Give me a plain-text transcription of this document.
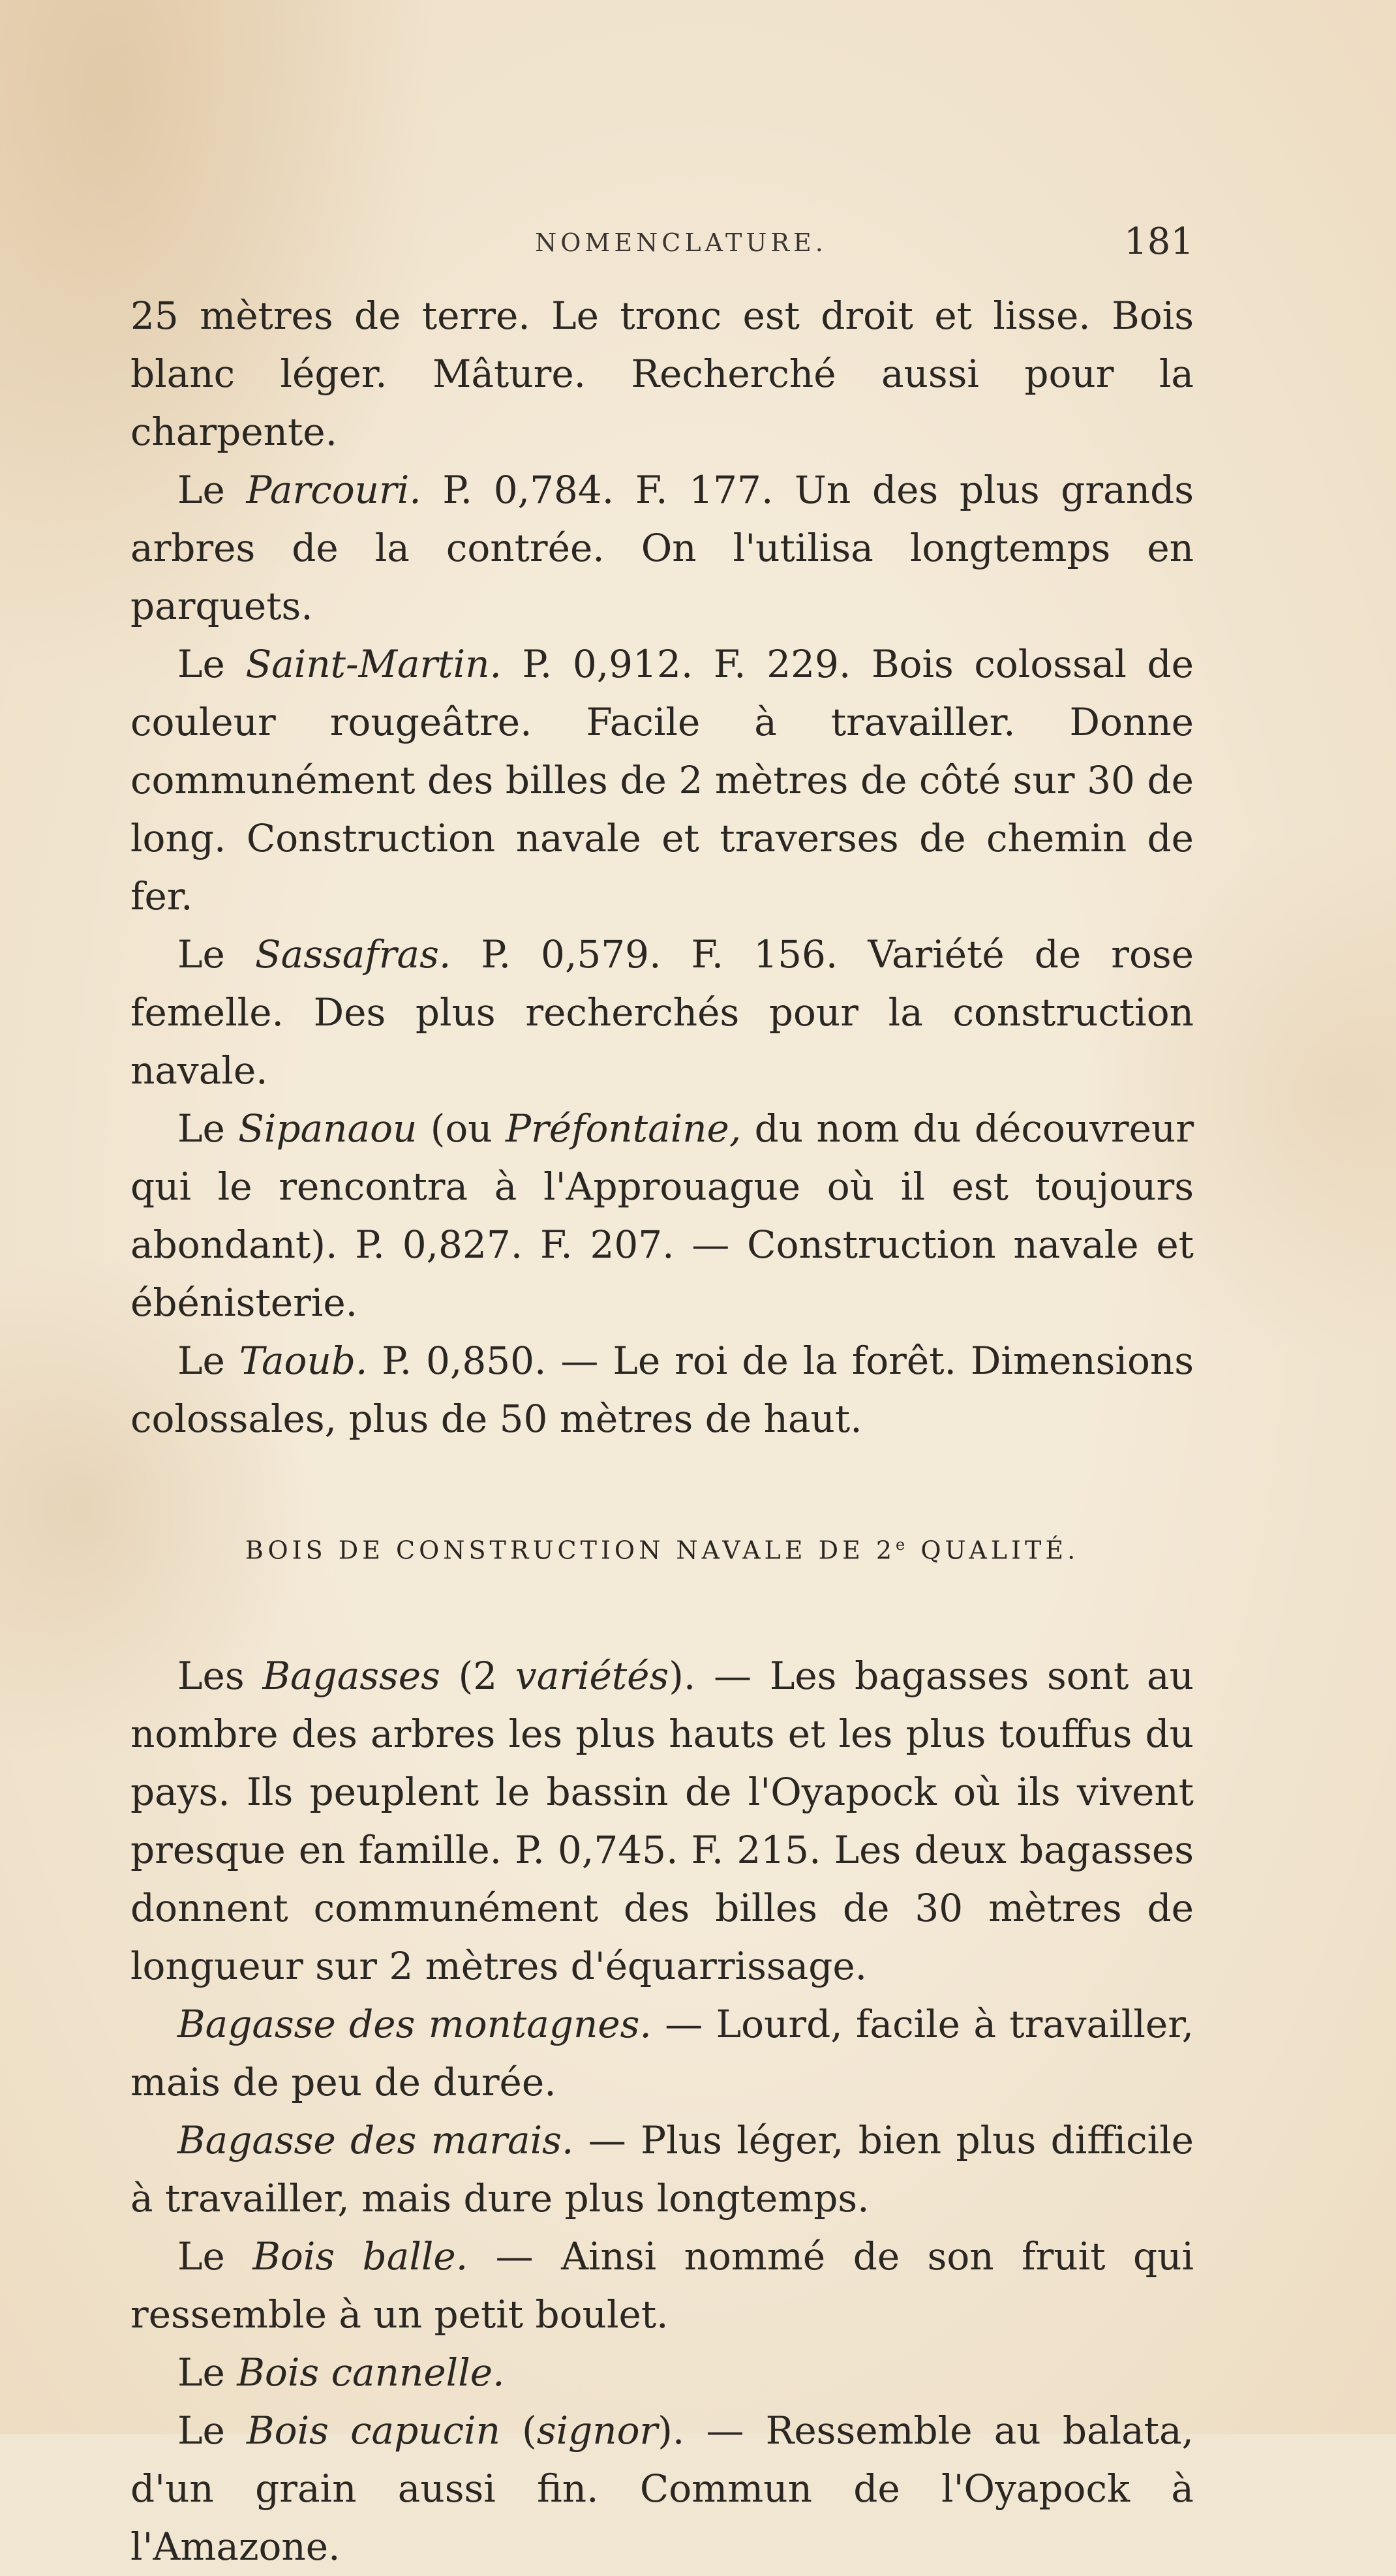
NOMENCLATURE.	181

25 mètres de terre. Le tronc est droit et lisse. Bois blanc léger. Mâture. Recherché aussi pour la charpente.

Le Parcouri. P. 0,784. F. 177. Un des plus grands arbres de la contrée. On l'utilisa longtemps en parquets.

Le Saint-Martin. P. 0,912. F. 229. Bois colossal de couleur rougeâtre. Facile à travailler. Donne communément des billes de 2 mètres de côté sur 30 de long. Construction navale et traverses de chemin de fer.

Le Sassafras. P. 0,579. F. 156. Variété de rose femelle. Des plus recherchés pour la construction navale.

Le Sipanaou (ou Préfontaine, du nom du découvreur qui le rencontra à l'Approuague où il est toujours abondant). P. 0,827. F. 207. — Construction navale et ébénisterie.

Le Taoub. P. 0,850. — Le roi de la forêt. Dimensions colossales, plus de 50 mètres de haut.

BOIS DE CONSTRUCTION NAVALE DE 2e QUALITÉ.

Les Bagasses (2 variétés). — Les bagasses sont au nombre des arbres les plus hauts et les plus touffus du pays. Ils peuplent le bassin de l'Oyapock où ils vivent presque en famille. P. 0,745. F. 215. Les deux bagasses donnent communément des billes de 30 mètres de longueur sur 2 mètres d'équarrissage.

Bagasse des montagnes. — Lourd, facile à travailler, mais de peu de durée.

Bagasse des marais. — Plus léger, bien plus difficile à travailler, mais dure plus longtemps.

Le Bois balle. — Ainsi nommé de son fruit qui ressemble à un petit boulet.

Le Bois cannelle.

Le Bois capucin (signor). — Ressemble au balata, d'un grain aussi fin. Commun de l'Oyapock à l'Amazone.
